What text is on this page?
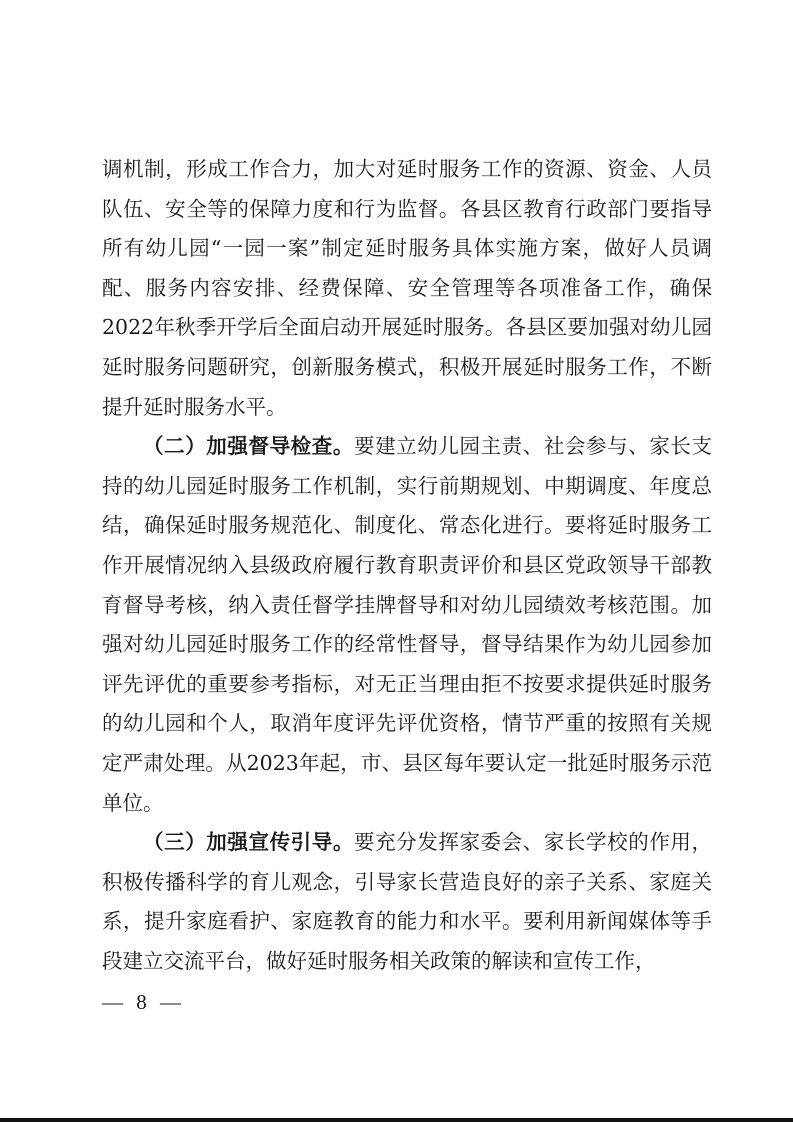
调机制，形成工作合力，加大对延时服务工作的资源、资金、人员队伍、安全等的保障力度和行为监督。各县区教育行政部门要指导所有幼儿园“一园一案”制定延时服务具体实施方案，做好人员调配、服务内容安排、经费保障、安全管理等各项准备工作，确保2022年秋季开学后全面启动开展延时服务。各县区要加强对幼儿园延时服务问题研究，创新服务模式，积极开展延时服务工作，不断提升延时服务水平。

（二）加强督导检查。要建立幼儿园主责、社会参与、家长支持的幼儿园延时服务工作机制，实行前期规划、中期调度、年度总结，确保延时服务规范化、制度化、常态化进行。要将延时服务工作开展情况纳入县级政府履行教育职责评价和县区党政领导干部教育督导考核，纳入责任督学挂牌督导和对幼儿园绩效考核范围。加强对幼儿园延时服务工作的经常性督导，督导结果作为幼儿园参加评先评优的重要参考指标，对无正当理由拒不按要求提供延时服务的幼儿园和个人，取消年度评先评优资格，情节严重的按照有关规定严肃处理。从2023年起，市、县区每年要认定一批延时服务示范单位。

（三）加强宣传引导。要充分发挥家委会、家长学校的作用，积极传播科学的育儿观念，引导家长营造良好的亲子关系、家庭关系，提升家庭看护、家庭教育的能力和水平。要利用新闻媒体等手段建立交流平台，做好延时服务相关政策的解读和宣传工作，

— 8 —
